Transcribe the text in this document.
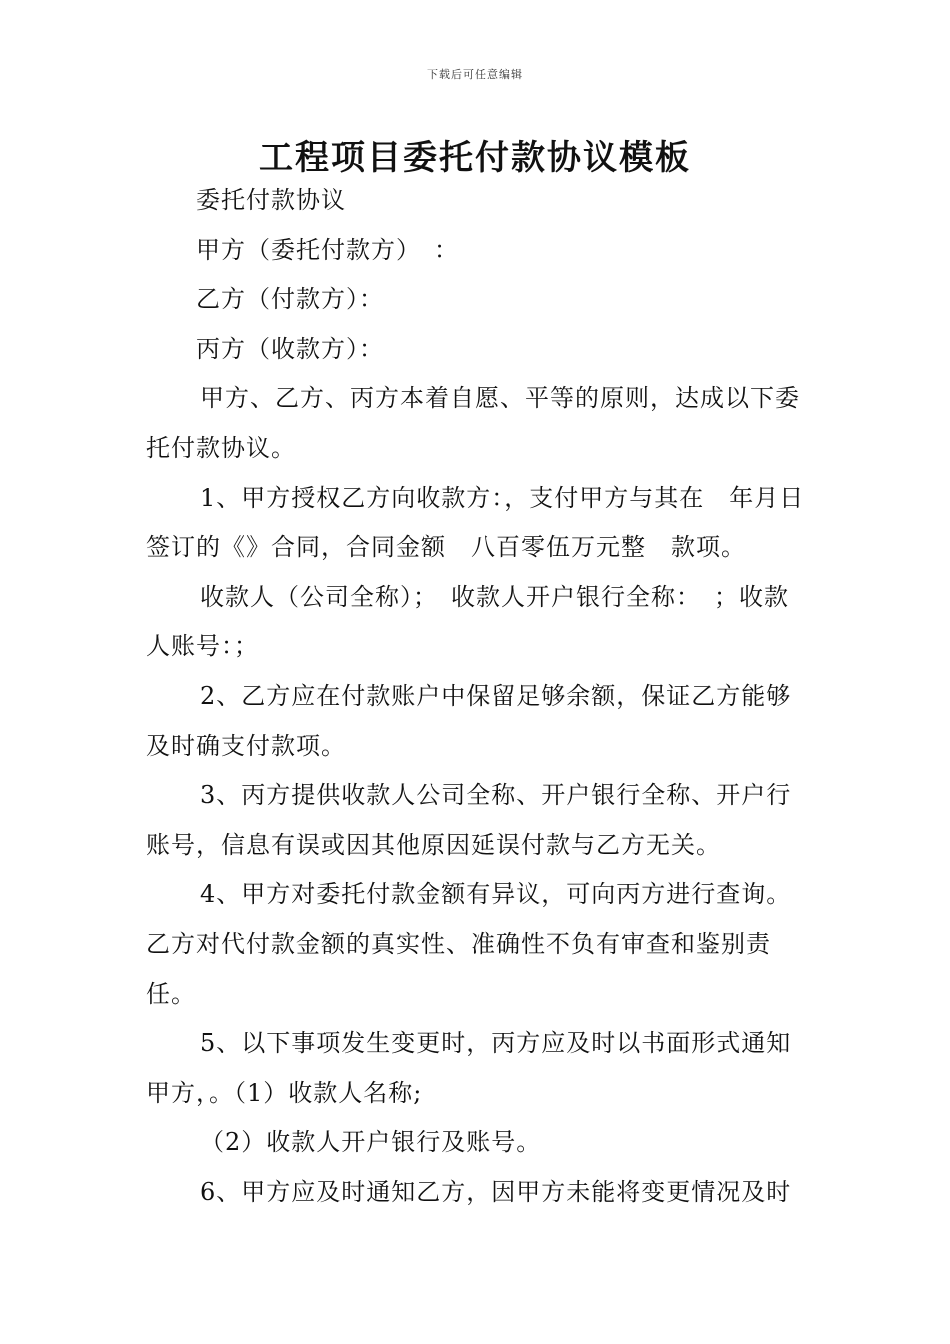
下载后可任意编辑
工程项目委托付款协议模板

委托付款协议

甲方（委托付款方）　：

乙方（付款方）：

丙方（收款方）：

甲方、乙方、丙方本着自愿、平等的原则，达成以下委托付款协议。

1、甲方授权乙方向收款方：，支付甲方与其在　年月日签订的《》合同，合同金额　八百零伍万元整　款项。

收款人（公司全称）；　收款人开户银行全称：　；收款人账号：；

2、乙方应在付款账户中保留足够余额，保证乙方能够及时确支付款项。

3、丙方提供收款人公司全称、开户银行全称、开户行账号，信息有误或因其他原因延误付款与乙方无关。

4、甲方对委托付款金额有异议，可向丙方进行查询。乙方对代付款金额的真实性、准确性不负有审查和鉴别责任。

5、以下事项发生变更时，丙方应及时以书面形式通知甲方，。（1）收款人名称;

（2）收款人开户银行及账号。

6、甲方应及时通知乙方，因甲方未能将变更情况及时
